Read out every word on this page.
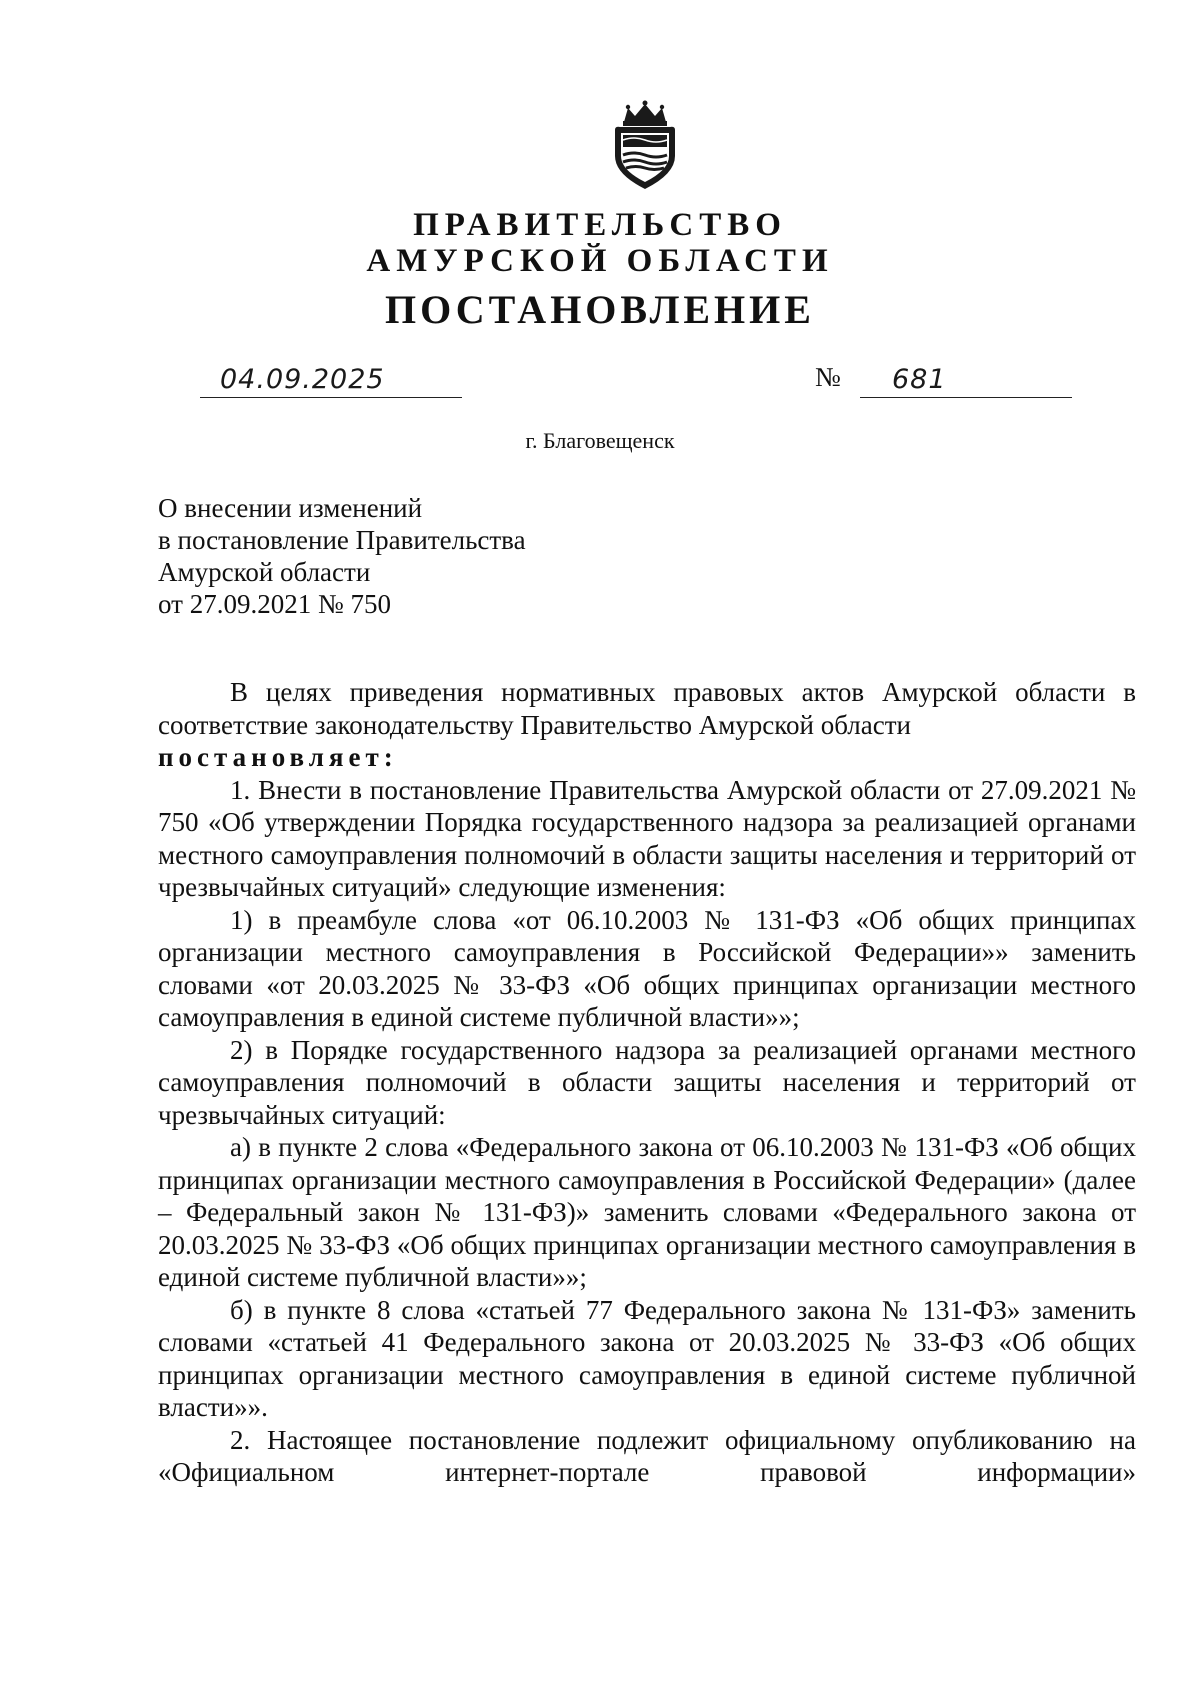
ПРАВИТЕЛЬСТВО
АМУРСКОЙ ОБЛАСТИ
ПОСТАНОВЛЕНИЕ
04.09.2025	№ 681
г. Благовещенск
О внесении изменений
в постановление Правительства
Амурской области
от 27.09.2021 № 750

В целях приведения нормативных правовых актов Амурской области в соответствие законодательству Правительство Амурской области

постановляет:

1. Внести в постановление Правительства Амурской области от 27.09.2021 № 750 «Об утверждении Порядка государственного надзора за реализацией органами местного самоуправления полномочий в области защиты населения и территорий от чрезвычайных ситуаций» следующие изменения:

1) в преамбуле слова «от 06.10.2003 № 131-ФЗ «Об общих принципах организации местного самоуправления в Российской Федерации»» заменить словами «от 20.03.2025 № 33-ФЗ «Об общих принципах организации местного самоуправления в единой системе публичной власти»»;

2) в Порядке государственного надзора за реализацией органами местного самоуправления полномочий в области защиты населения и территорий от чрезвычайных ситуаций:

а) в пункте 2 слова «Федерального закона от 06.10.2003 № 131-ФЗ «Об общих принципах организации местного самоуправления в Российской Федерации» (далее – Федеральный закон № 131-ФЗ)» заменить словами «Федерального закона от 20.03.2025 № 33-ФЗ «Об общих принципах организации местного самоуправления в единой системе публичной власти»»;

б) в пункте 8 слова «статьей 77 Федерального закона № 131-ФЗ» заменить словами «статьей 41 Федерального закона от 20.03.2025 № 33-ФЗ «Об общих принципах организации местного самоуправления в единой системе публичной власти»».

2. Настоящее постановление подлежит официальному опубликованию на «Официальном интернет-портале правовой информации»
